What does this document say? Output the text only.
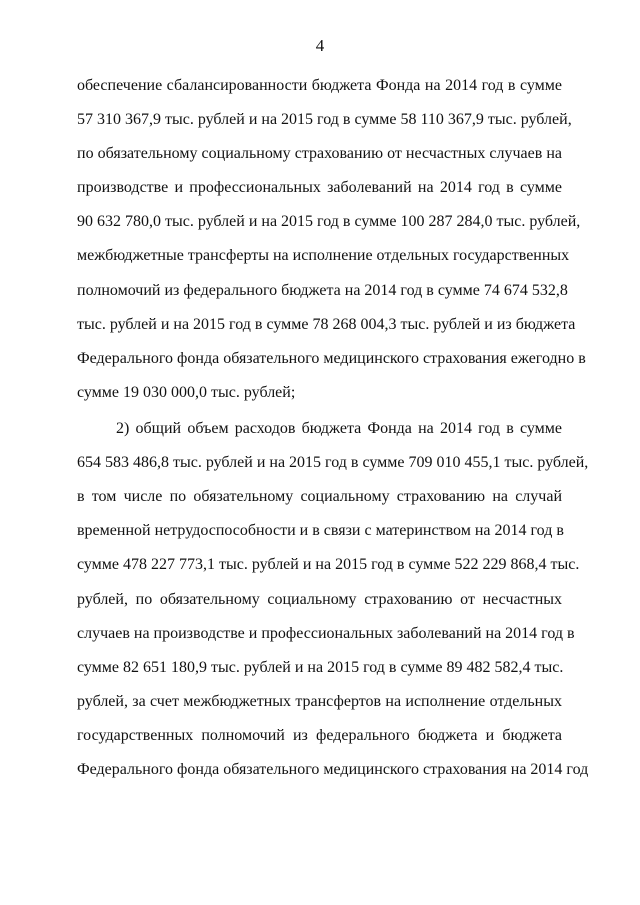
4
обеспечение сбалансированности бюджета Фонда на 2014 год в сумме
57 310 367,9 тыс. рублей и на 2015 год в сумме 58 110 367,9 тыс. рублей,
по обязательному социальному страхованию от несчастных случаев на
производстве и профессиональных заболеваний на 2014 год в сумме
90 632 780,0 тыс. рублей и на 2015 год в сумме 100 287 284,0 тыс. рублей,
межбюджетные трансферты на исполнение отдельных государственных
полномочий из федерального бюджета на 2014 год в сумме 74 674 532,8
тыс. рублей и на 2015 год в сумме 78 268 004,3 тыс. рублей и из бюджета
Федерального фонда обязательного медицинского страхования ежегодно в
сумме 19 030 000,0 тыс. рублей;
2) общий объем расходов бюджета Фонда на 2014 год в сумме
654 583 486,8 тыс. рублей и на 2015 год в сумме 709 010 455,1 тыс. рублей,
в том числе по обязательному социальному страхованию на случай
временной нетрудоспособности и в связи с материнством на 2014 год в
сумме 478 227 773,1 тыс. рублей и на 2015 год в сумме 522 229 868,4 тыс.
рублей, по обязательному социальному страхованию от несчастных
случаев на производстве и профессиональных заболеваний на 2014 год в
сумме 82 651 180,9 тыс. рублей и на 2015 год в сумме 89 482 582,4 тыс.
рублей, за счет межбюджетных трансфертов на исполнение отдельных
государственных полномочий из федерального бюджета и бюджета
Федерального фонда обязательного медицинского страхования на 2014 год
